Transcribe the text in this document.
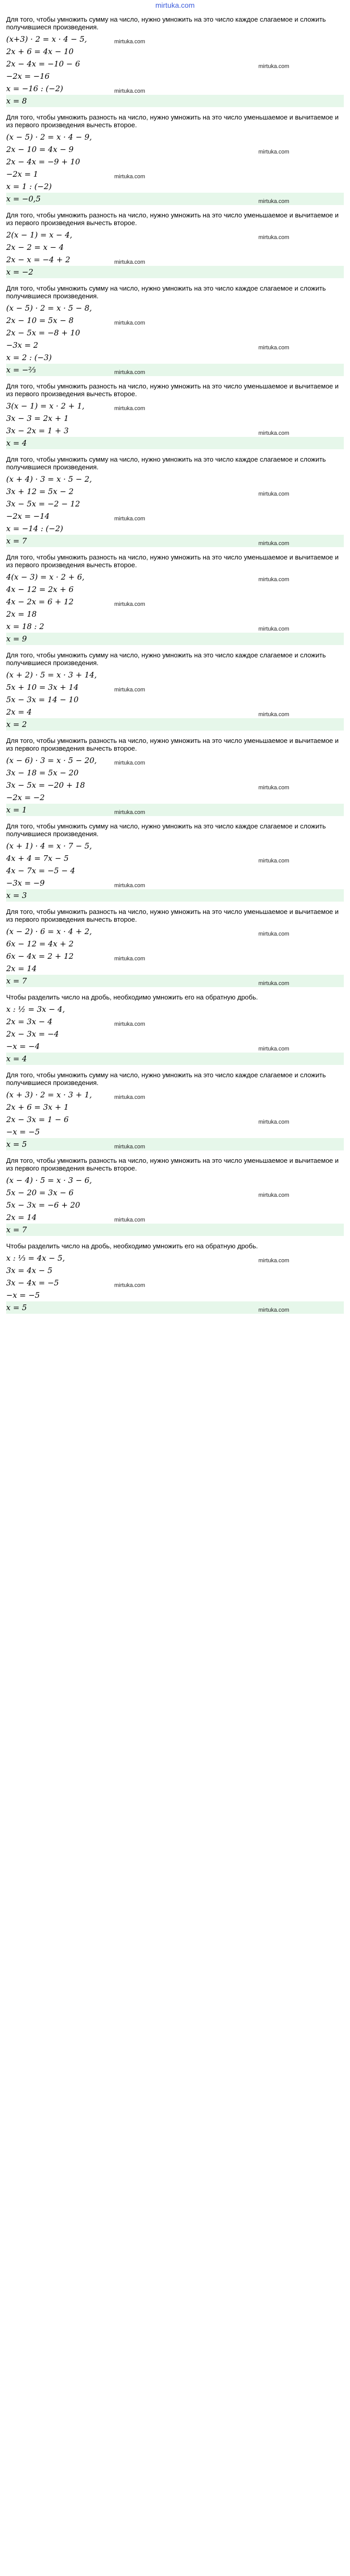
mirtuka.com
Для того, чтобы умножить сумму на число, нужно умножить на это число каждое слагаемое и сложить получившиеся произведения.
(x+3) · 2 = x · 4 − 5,	mirtuka.com
2x + 6 = 4x − 10
2x − 4x = −10 − 6	mirtuka.com
−2x = −16
x = −16 : (−2)	mirtuka.com
x = 8
Для того, чтобы умножить разность на число, нужно умножить на это число уменьшаемое и вычитаемое и из первого произведения вычесть второе.
(x − 5) · 2 = x · 4 − 9,
2x − 10 = 4x − 9	mirtuka.com
2x − 4x = −9 + 10
−2x = 1	mirtuka.com
x = 1 : (−2)
x = −0,5	mirtuka.com
Для того, чтобы умножить разность на число, нужно умножить на это число уменьшаемое и вычитаемое и из первого произведения вычесть второе.
2(x − 1) = x − 4,	mirtuka.com
2x − 2 = x − 4
2x − x = −4 + 2	mirtuka.com
x = −2
Для того, чтобы умножить сумму на число, нужно умножить на это число каждое слагаемое и сложить получившиеся произведения.
(x − 5) · 2 = x · 5 − 8,
2x − 10 = 5x − 8	mirtuka.com
2x − 5x = −8 + 10
−3x = 2	mirtuka.com
x = 2 : (−3)
x = −⅔	mirtuka.com
Для того, чтобы умножить разность на число, нужно умножить на это число уменьшаемое и вычитаемое и из первого произведения вычесть второе.
3(x − 1) = x · 2 + 1,	mirtuka.com
3x − 3 = 2x + 1
3x − 2x = 1 + 3	mirtuka.com
x = 4
Для того, чтобы умножить сумму на число, нужно умножить на это число каждое слагаемое и сложить получившиеся произведения.
(x + 4) · 3 = x · 5 − 2,
3x + 12 = 5x − 2	mirtuka.com
3x − 5x = −2 − 12
−2x = −14	mirtuka.com
x = −14 : (−2)
x = 7	mirtuka.com
Для того, чтобы умножить разность на число, нужно умножить на это число уменьшаемое и вычитаемое и из первого произведения вычесть второе.
4(x − 3) = x · 2 + 6,	mirtuka.com
4x − 12 = 2x + 6
4x − 2x = 6 + 12	mirtuka.com
2x = 18
x = 18 : 2	mirtuka.com
x = 9
Для того, чтобы умножить сумму на число, нужно умножить на это число каждое слагаемое и сложить получившиеся произведения.
(x + 2) · 5 = x · 3 + 14,
5x + 10 = 3x + 14	mirtuka.com
5x − 3x = 14 − 10
2x = 4	mirtuka.com
x = 2
Для того, чтобы умножить разность на число, нужно умножить на это число уменьшаемое и вычитаемое и из первого произведения вычесть второе.
(x − 6) · 3 = x · 5 − 20,	mirtuka.com
3x − 18 = 5x − 20
3x − 5x = −20 + 18	mirtuka.com
−2x = −2
x = 1	mirtuka.com
Для того, чтобы умножить сумму на число, нужно умножить на это число каждое слагаемое и сложить получившиеся произведения.
(x + 1) · 4 = x · 7 − 5,
4x + 4 = 7x − 5	mirtuka.com
4x − 7x = −5 − 4
−3x = −9	mirtuka.com
x = 3
Для того, чтобы умножить разность на число, нужно умножить на это число уменьшаемое и вычитаемое и из первого произведения вычесть второе.
(x − 2) · 6 = x · 4 + 2,	mirtuka.com
6x − 12 = 4x + 2
6x − 4x = 2 + 12	mirtuka.com
2x = 14
x = 7	mirtuka.com
Чтобы разделить число на дробь, необходимо умножить его на обратную дробь.
x : ½ = 3x − 4,
2x = 3x − 4	mirtuka.com
2x − 3x = −4
−x = −4	mirtuka.com
x = 4
Для того, чтобы умножить сумму на число, нужно умножить на это число каждое слагаемое и сложить получившиеся произведения.
(x + 3) · 2 = x · 3 + 1,	mirtuka.com
2x + 6 = 3x + 1
2x − 3x = 1 − 6	mirtuka.com
−x = −5
x = 5	mirtuka.com
Для того, чтобы умножить разность на число, нужно умножить на это число уменьшаемое и вычитаемое и из первого произведения вычесть второе.
(x − 4) · 5 = x · 3 − 6,
5x − 20 = 3x − 6	mirtuka.com
5x − 3x = −6 + 20
2x = 14	mirtuka.com
x = 7
Чтобы разделить число на дробь, необходимо умножить его на обратную дробь.
x : ⅓ = 4x − 5,	mirtuka.com
3x = 4x − 5
3x − 4x = −5	mirtuka.com
−x = −5
x = 5	mirtuka.com
